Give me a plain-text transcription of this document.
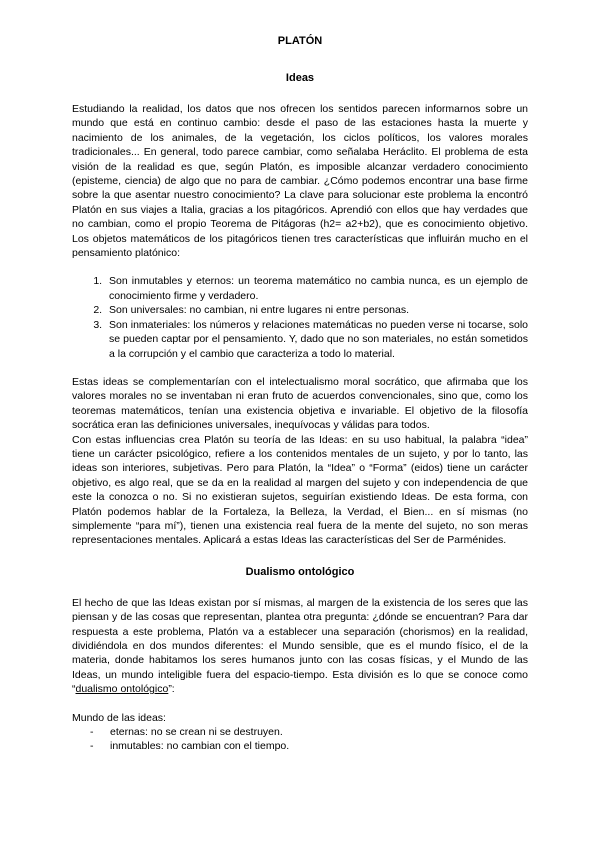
PLATÓN
Ideas

Estudiando la realidad, los datos que nos ofrecen los sentidos parecen informarnos sobre un mundo que está en continuo cambio: desde el paso de las estaciones hasta la muerte y nacimiento de los animales, de la vegetación, los ciclos políticos, los valores morales tradicionales... En general, todo parece cambiar, como señalaba Heráclito. El problema de esta visión de la realidad es que, según Platón, es imposible alcanzar verdadero conocimiento (episteme, ciencia) de algo que no para de cambiar. ¿Cómo podemos encontrar una base firme sobre la que asentar nuestro conocimiento? La clave para solucionar este problema la encontró Platón en sus viajes a Italia, gracias a los pitagóricos. Aprendió con ellos que hay verdades que no cambian, como el propio Teorema de Pitágoras (h2= a2+b2), que es conocimiento objetivo. Los objetos matemáticos de los pitagóricos tienen tres características que influirán mucho en el pensamiento platónico:

1. Son inmutables y eternos: un teorema matemático no cambia nunca, es un ejemplo de conocimiento firme y verdadero.
2. Son universales: no cambian, ni entre lugares ni entre personas.
3. Son inmateriales: los números y relaciones matemáticas no pueden verse ni tocarse, solo se pueden captar por el pensamiento. Y, dado que no son materiales, no están sometidos a la corrupción y el cambio que caracteriza a todo lo material.

Estas ideas se complementarían con el intelectualismo moral socrático, que afirmaba que los valores morales no se inventaban ni eran fruto de acuerdos convencionales, sino que, como los teoremas matemáticos, tenían una existencia objetiva e invariable. El objetivo de la filosofía socrática eran las definiciones universales, inequívocas y válidas para todos.

Con estas influencias crea Platón su teoría de las Ideas: en su uso habitual, la palabra “idea” tiene un carácter psicológico, refiere a los contenidos mentales de un sujeto, y por lo tanto, las ideas son interiores, subjetivas. Pero para Platón, la “Idea” o “Forma” (eidos) tiene un carácter objetivo, es algo real, que se da en la realidad al margen del sujeto y con independencia de que este la conozca o no. Si no existieran sujetos, seguirían existiendo Ideas. De esta forma, con Platón podemos hablar de la Fortaleza, la Belleza, la Verdad, el Bien... en sí mismas (no simplemente “para mí”), tienen una existencia real fuera de la mente del sujeto, no son meras representaciones mentales. Aplicará a estas Ideas las características del Ser de Parménides.

Dualismo ontológico

El hecho de que las Ideas existan por sí mismas, al margen de la existencia de los seres que las piensan y de las cosas que representan, plantea otra pregunta: ¿dónde se encuentran? Para dar respuesta a este problema, Platón va a establecer una separación (chorismos) en la realidad, dividiéndola en dos mundos diferentes: el Mundo sensible, que es el mundo físico, el de la materia, donde habitamos los seres humanos junto con las cosas físicas, y el Mundo de las Ideas, un mundo inteligible fuera del espacio-tiempo. Esta división es lo que se conoce como “dualismo ontológico”:

Mundo de las ideas:

- eternas: no se crean ni se destruyen.
- inmutables: no cambian con el tiempo.
